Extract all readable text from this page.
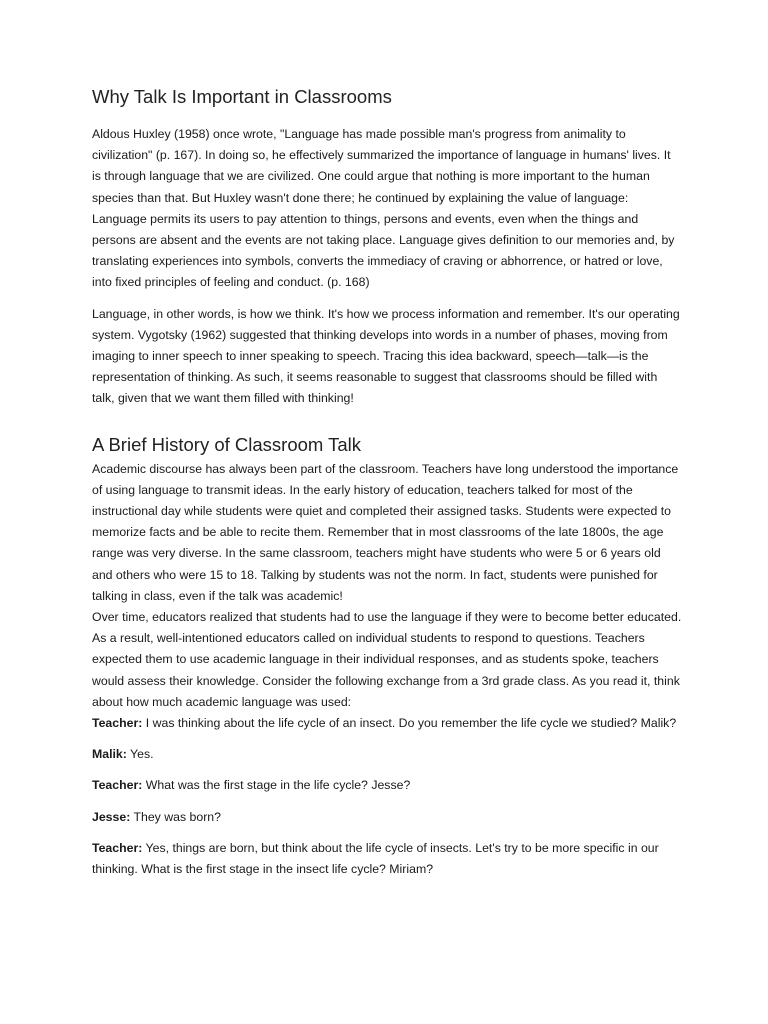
Why Talk Is Important in Classrooms

Aldous Huxley (1958) once wrote, "Language has made possible man's progress from animality to civilization" (p. 167). In doing so, he effectively summarized the importance of language in humans' lives. It is through language that we are civilized. One could argue that nothing is more important to the human species than that. But Huxley wasn't done there; he continued by explaining the value of language:

Language permits its users to pay attention to things, persons and events, even when the things and persons are absent and the events are not taking place. Language gives definition to our memories and, by translating experiences into symbols, converts the immediacy of craving or abhorrence, or hatred or love, into fixed principles of feeling and conduct. (p. 168)

Language, in other words, is how we think. It's how we process information and remember. It's our operating system. Vygotsky (1962) suggested that thinking develops into words in a number of phases, moving from imaging to inner speech to inner speaking to speech. Tracing this idea backward, speech—talk—is the representation of thinking. As such, it seems reasonable to suggest that classrooms should be filled with talk, given that we want them filled with thinking!

A Brief History of Classroom Talk

Academic discourse has always been part of the classroom. Teachers have long understood the importance of using language to transmit ideas. In the early history of education, teachers talked for most of the instructional day while students were quiet and completed their assigned tasks. Students were expected to memorize facts and be able to recite them. Remember that in most classrooms of the late 1800s, the age range was very diverse. In the same classroom, teachers might have students who were 5 or 6 years old and others who were 15 to 18. Talking by students was not the norm. In fact, students were punished for talking in class, even if the talk was academic!

Over time, educators realized that students had to use the language if they were to become better educated. As a result, well-intentioned educators called on individual students to respond to questions. Teachers expected them to use academic language in their individual responses, and as students spoke, teachers would assess their knowledge. Consider the following exchange from a 3rd grade class. As you read it, think about how much academic language was used:

Teacher: I was thinking about the life cycle of an insect. Do you remember the life cycle we studied? Malik?

Malik: Yes.

Teacher: What was the first stage in the life cycle? Jesse?

Jesse: They was born?

Teacher: Yes, things are born, but think about the life cycle of insects. Let's try to be more specific in our thinking. What is the first stage in the insect life cycle? Miriam?
